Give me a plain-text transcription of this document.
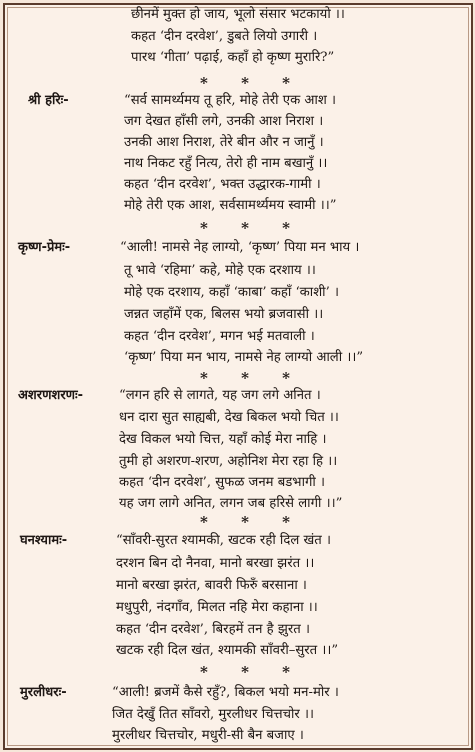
छीनमें मुक्त हो जाय, भूलो संसार भटकायो ।।
कहत ‘दीन दरवेश’, डुबते लियो उगारी ।
पारथ ‘गीता’ पढ़ाई, कहाँ हो कृष्ण मुरारि?”
* * *
श्री हरिः-	“सर्व सामर्थ्यमय तू हरि, मोहे तेरी एक आश ।
जग देखत हाँसी लगे, उनकी आश निराश ।
उनकी आश निराश, तेरे बीन और न जानुँ ।
नाथ निकट रहुँ नित्य, तेरो ही नाम बखानुँ ।।
कहत ‘दीन दरवेश’, भक्त उद्धारक-गामी ।
मोहे तेरी एक आश, सर्वसामर्थ्यमय स्वामी ।।”
* * *
कृष्ण-प्रेमः-	“आली! नामसे नेह लाग्यो, ‘कृष्ण’ पिया मन भाय ।
तू भावे ‘रहिमा’ कहे, मोहे एक दरशाय ।।
मोहे एक दरशाय, कहाँ ‘काबा’ कहाँ ‘काशी’ ।
जन्नत जहाँमें एक, बिलस भयो ब्रजवासी ।।
कहत ‘दीन दरवेश’, मगन भई मतवाली ।
‘कृष्ण’ पिया मन भाय, नामसे नेह लाग्यो आली ।।”
* * *
अशरणशरणः-	“लगन हरि से लागते, यह जग लगे अनित ।
धन दारा सुत साह्यबी, देख बिकल भयो चित ।।
देख विकल भयो चित्त, यहाँ कोई मेरा नाहि ।
तुमी हो अशरण-शरण, अहोनिश मेरा रहा हि ।।
कहत ‘दीन दरवेश’, सुफळ जनम बडभागी ।
यह जग लागे अनित, लगन जब हरिसे लागी ।।”
* * *
घनश्यामः-	“साँवरी-सुरत श्यामकी, खटक रही दिल खंत ।
दरशन बिन दो नैनवा, मानो बरखा झरंत ।।
मानो बरखा झरंत, बावरी फिरुँ बरसाना ।
मधुपुरी, नंदगाँव, मिलत नहि मेरा कहाना ।।
कहत ‘दीन दरवेश’, बिरहमें तन है झुरत ।
खटक रही दिल खंत, श्यामकी साँवरी–सुरत ।।”
* * *
मुरलीधरः-	“आली! ब्रजमें कैसे रहुँ?, बिकल भयो मन-मोर ।
जित देखुँ तित साँवरो, मुरलीधर चित्तचोर ।।
मुरलीधर चित्तचोर, मधुरी-सी बैन बजाए ।
